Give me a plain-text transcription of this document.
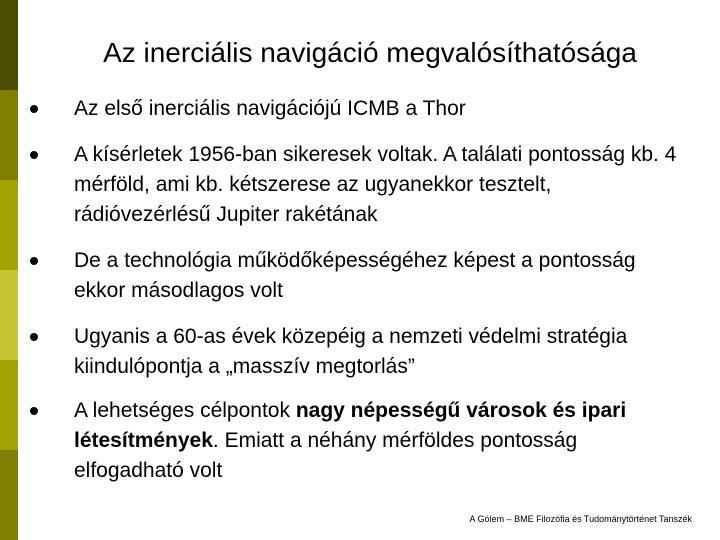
Az inerciális navigáció megvalósíthatósága
Az első inerciális navigációjú ICMB a Thor
A kísérletek 1956-ban sikeresek voltak. A találati pontosság kb. 4 mérföld, ami kb. kétszerese az ugyanekkor tesztelt, rádióvezérlésű Jupiter rakétának
De a technológia működőképességéhez képest a pontosság ekkor másodlagos volt
Ugyanis a 60-as évek közepéig a nemzeti védelmi stratégia kiindulópontja a „masszív megtorlás”
A lehetséges célpontok nagy népességű városok és ipari létesítmények. Emiatt a néhány mérföldes pontosság elfogadható volt
A Gólem – BME Filozófia és Tudománytörténet Tanszék
